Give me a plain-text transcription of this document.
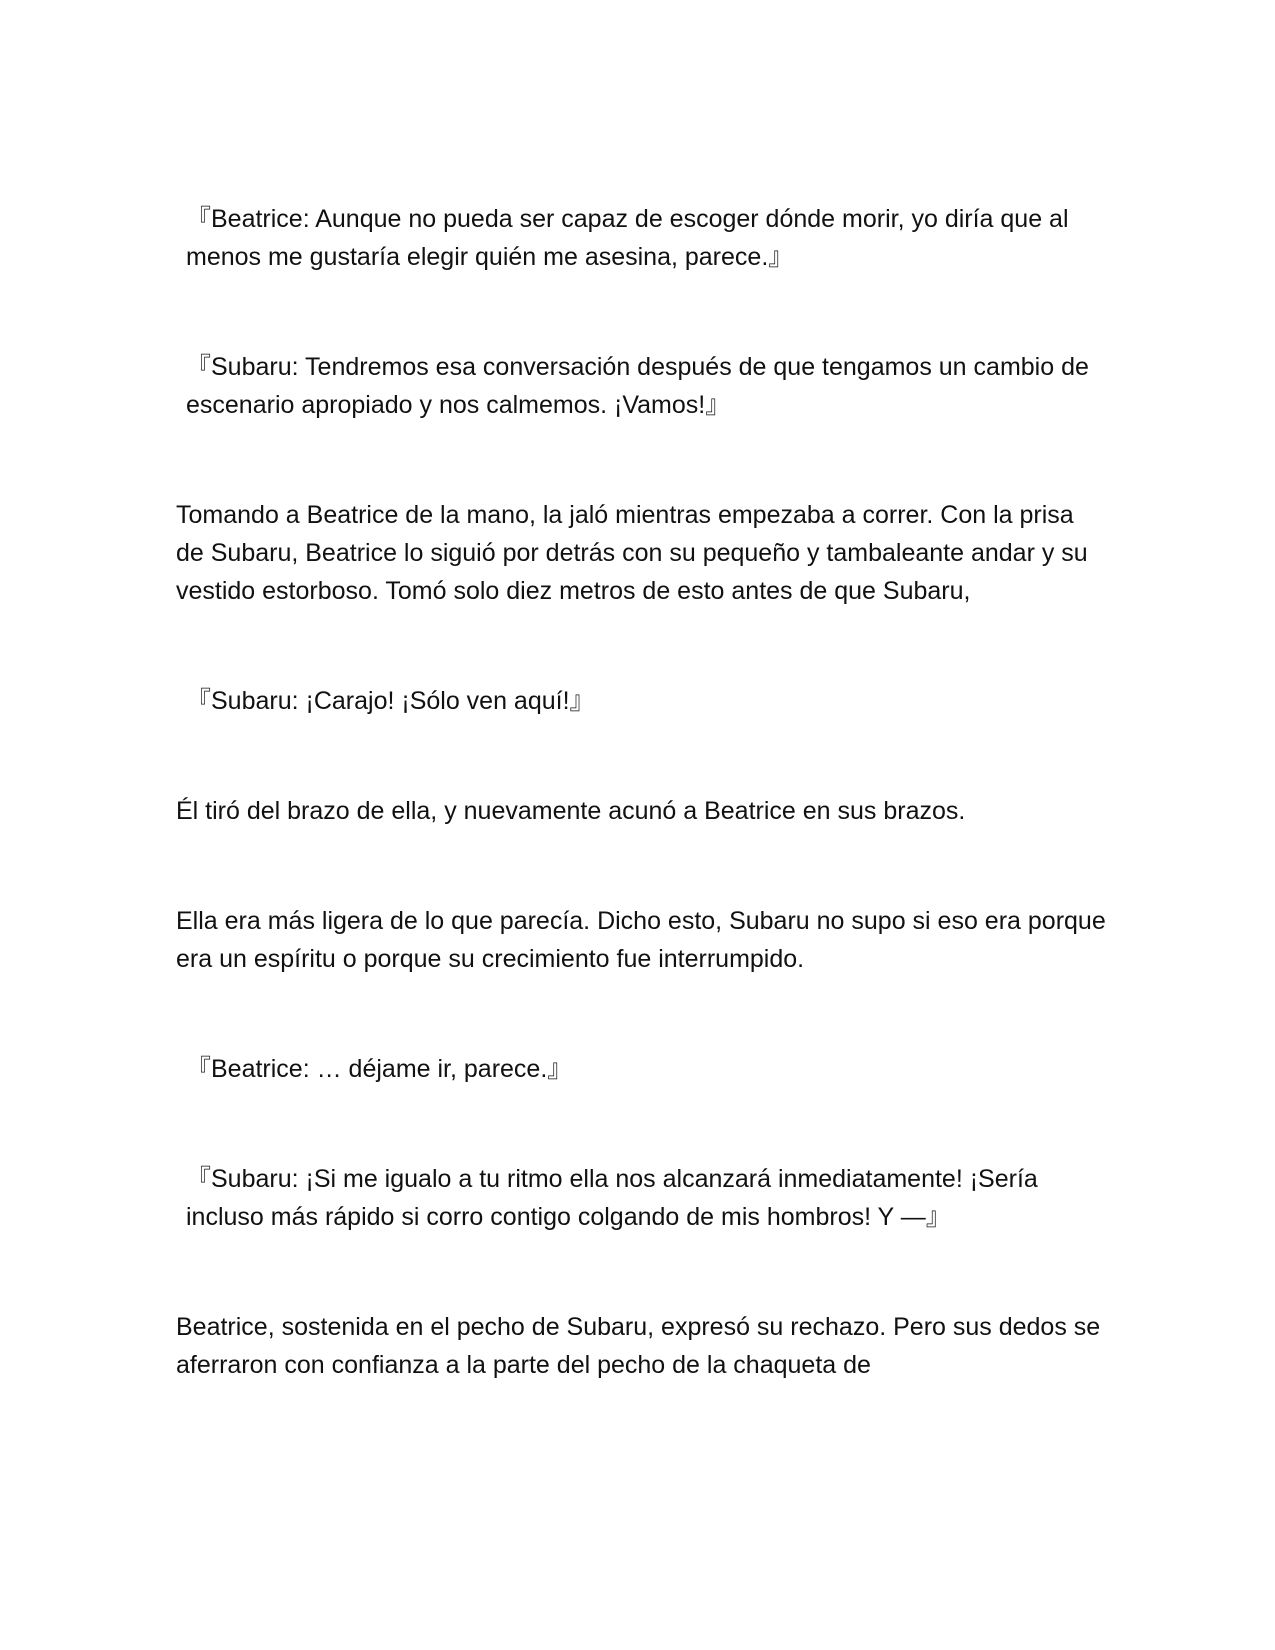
『Beatrice: Aunque no pueda ser capaz de escoger dónde morir, yo diría que al menos me gustaría elegir quién me asesina, parece.』

『Subaru: Tendremos esa conversación después de que tengamos un cambio de escenario apropiado y nos calmemos. ¡Vamos!』

Tomando a Beatrice de la mano, la jaló mientras empezaba a correr. Con la prisa de Subaru, Beatrice lo siguió por detrás con su pequeño y tambaleante andar y su vestido estorboso. Tomó solo diez metros de esto antes de que Subaru,

『Subaru: ¡Carajo! ¡Sólo ven aquí!』

Él tiró del brazo de ella, y nuevamente acunó a Beatrice en sus brazos.

Ella era más ligera de lo que parecía. Dicho esto, Subaru no supo si eso era porque era un espíritu o porque su crecimiento fue interrumpido.

『Beatrice: … déjame ir, parece.』

『Subaru: ¡Si me igualo a tu ritmo ella nos alcanzará inmediatamente! ¡Sería incluso más rápido si corro contigo colgando de mis hombros! Y —』

Beatrice, sostenida en el pecho de Subaru, expresó su rechazo. Pero sus dedos se aferraron con confianza a la parte del pecho de la chaqueta de
